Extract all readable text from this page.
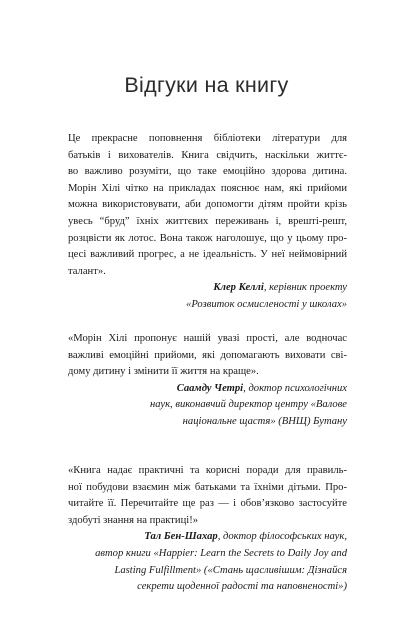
Відгуки на книгу

Це прекрасне поповнення бібліотеки літератури для
батьків і вихователів. Книга свідчить, наскільки життє-
во важливо розуміти, що таке емоційно здорова дитина.
Морін Хілі чітко на прикладах пояснює нам, які прийоми
можна використовувати, аби допомогти дітям пройти крізь
увесь “бруд” їхніх життєвих переживань і, врешті-решт,
розцвісти як лотос. Вона також наголошує, що у цьому про-
цесі важливий прогрес, а не ідеальність. У неї неймовірний
талант».

Клер Келлі, керівник проекту
«Розвиток осмисленості у школах»

«Морін Хілі пропонує нашій увазі прості, але водночас
важливі емоційні прийоми, які допомагають виховати сві-
дому дитину і змінити її життя на краще».

Саамду Четрі, доктор психологічних
наук, виконавчий директор центру «Валове
національне щастя» (ВНЩ) Бутану

«Книга надає практичні та корисні поради для правиль-
ної побудови взаємин між батьками та їхніми дітьми. Про-
читайте її. Перечитайте ще раз — і обов’язково застосуйте
здобуті знання на практиці!»

Тал Бен-Шахар, доктор філософських наук,
автор книги «Happier: Learn the Secrets to Daily Joy and
Lasting Fulfillment» («Стань щасливішим: Дізнайся
секрети щоденної радості та наповненості»)
